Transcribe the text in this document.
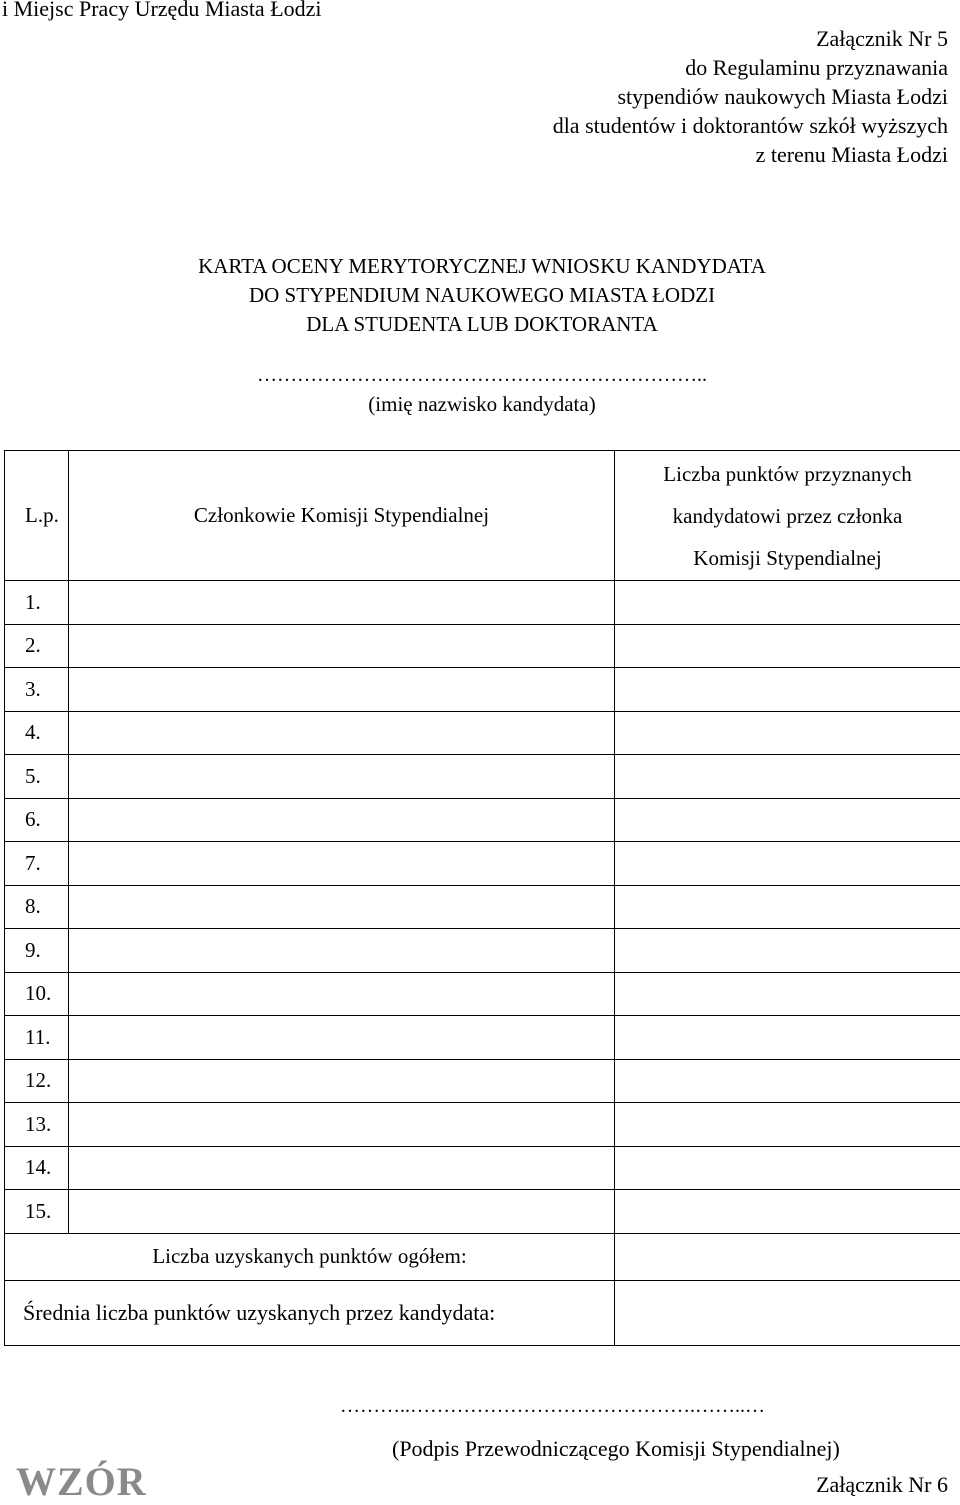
i Miejsc Pracy Urzędu Miasta Łodzi
Załącznik Nr 5
do Regulaminu przyznawania
stypendiów naukowych Miasta Łodzi
dla studentów i doktorantów szkół wyższych
z terenu Miasta Łodzi
KARTA OCENY MERYTORYCZNEJ WNIOSKU KANDYDATA
DO STYPENDIUM NAUKOWEGO MIASTA ŁODZI
DLA STUDENTA LUB DOKTORANTA
…………………………………………………………..
(imię nazwisko kandydata)
L.p.	Członkowie Komisji Stypendialnej	Liczba punktów przyznanych
kandydatowi przez członka
Komisji Stypendialnej

1.		
2.		
3.		
4.		
5.		
6.		
7.		
8.		
9.		
10.		
11.		
12.		
13.		
14.		
15.		
Liczba uzyskanych punktów ogółem:		
Średnia liczba punktów uzyskanych przez kandydata:		
………..…………………………………….……..…
(Podpis Przewodniczącego Komisji Stypendialnej)
WZÓR	Załącznik Nr 6
